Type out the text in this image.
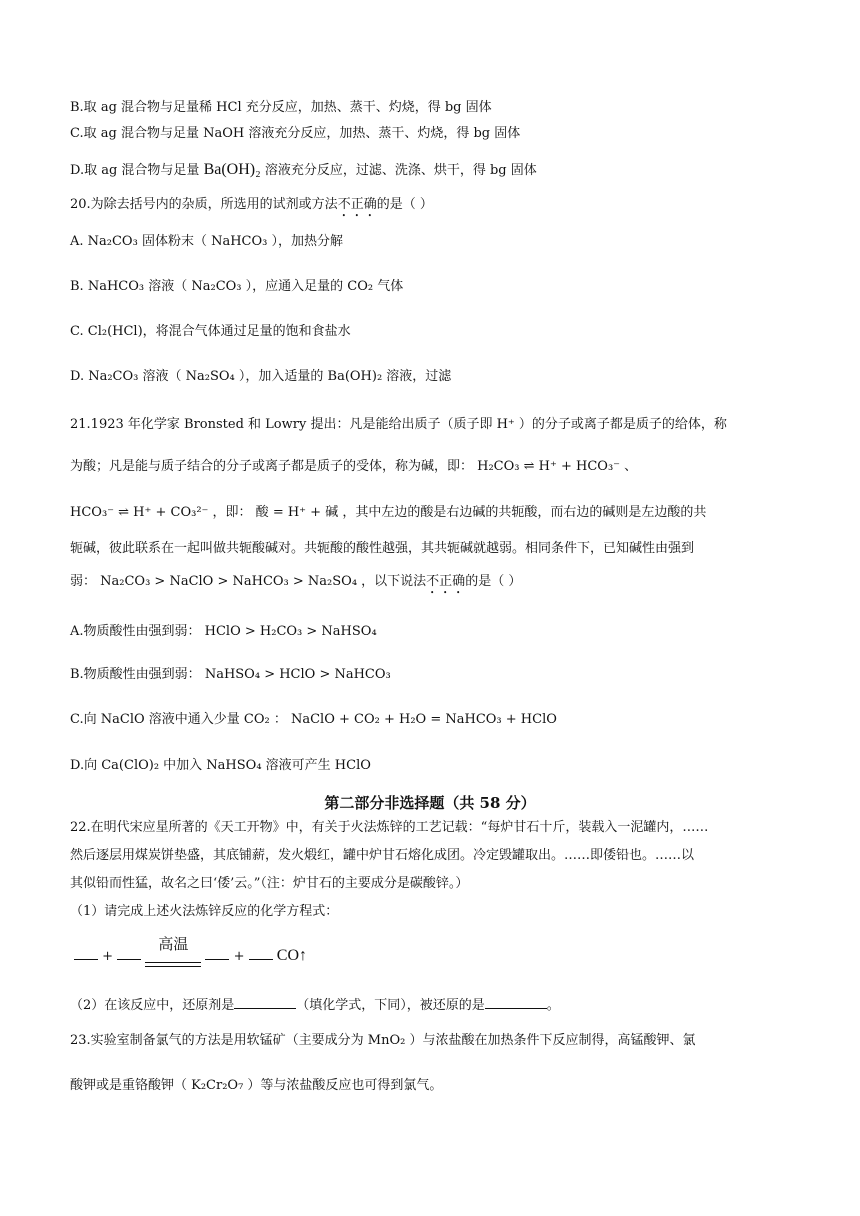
B.取 ag 混合物与足量稀 HCl 充分反应，加热、蒸干、灼烧，得 bg 固体
C.取 ag 混合物与足量 NaOH 溶液充分反应，加热、蒸干、灼烧，得 bg 固体
D.取 ag 混合物与足量 Ba(OH)₂ 溶液充分反应，过滤、洗涤、烘干，得 bg 固体
20.为除去括号内的杂质，所选用的试剂或方法不正确的是（ ）
A. Na₂CO₃ 固体粉末（ NaHCO₃ ），加热分解
B. NaHCO₃ 溶液（ Na₂CO₃ ），应通入足量的 CO₂ 气体
C. Cl₂(HCl)，将混合气体通过足量的饱和食盐水
D. Na₂CO₃ 溶液（ Na₂SO₄ ），加入适量的 Ba(OH)₂ 溶液，过滤
21.1923 年化学家 Bronsted 和 Lowry 提出：凡是能给出质子（质子即 H⁺ ）的分子或离子都是质子的给体，称
为酸；凡是能与质子结合的分子或离子都是质子的受体，称为碱，即： H₂CO₃ ⇌ H⁺ + HCO₃⁻ 、
HCO₃⁻ ⇌ H⁺ + CO₃²⁻ ，即： 酸 = H⁺ + 碱 ，其中左边的酸是右边碱的共轭酸，而右边的碱则是左边酸的共
轭碱，彼此联系在一起叫做共轭酸碱对。共轭酸的酸性越强，其共轭碱就越弱。相同条件下，已知碱性由强到
弱： Na₂CO₃ > NaClO > NaHCO₃ > Na₂SO₄ ，以下说法不正确的是（ ）
A.物质酸性由强到弱： HClO > H₂CO₃ > NaHSO₄
B.物质酸性由强到弱： NaHSO₄ > HClO > NaHCO₃
C.向 NaClO 溶液中通入少量 CO₂ ： NaClO + CO₂ + H₂O = NaHCO₃ + HClO
D.向 Ca(ClO)₂ 中加入 NaHSO₄ 溶液可产生 HClO
第二部分非选择题（共 58 分）
22.在明代宋应星所著的《天工开物》中，有关于火法炼锌的工艺记载：“每炉甘石十斤，装载入一泥罐内，……
然后逐层用煤炭饼垫盛，其底铺薪，发火煅红，罐中炉甘石熔化成团。冷定毁罐取出。……即倭铅也。……以
其似铅而性猛，故名之曰‘倭’云。”（注：炉甘石的主要成分是碳酸锌。）
（1）请完成上述火法炼锌反应的化学方程式：
+
高温
+ CO↑
（2）在该反应中，还原剂是	（填化学式，下同），被还原的是	。
23.实验室制备氯气的方法是用软锰矿（主要成分为 MnO₂ ）与浓盐酸在加热条件下反应制得，高锰酸钾、氯
酸钾或是重铬酸钾（ K₂Cr₂O₇ ）等与浓盐酸反应也可得到氯气。
